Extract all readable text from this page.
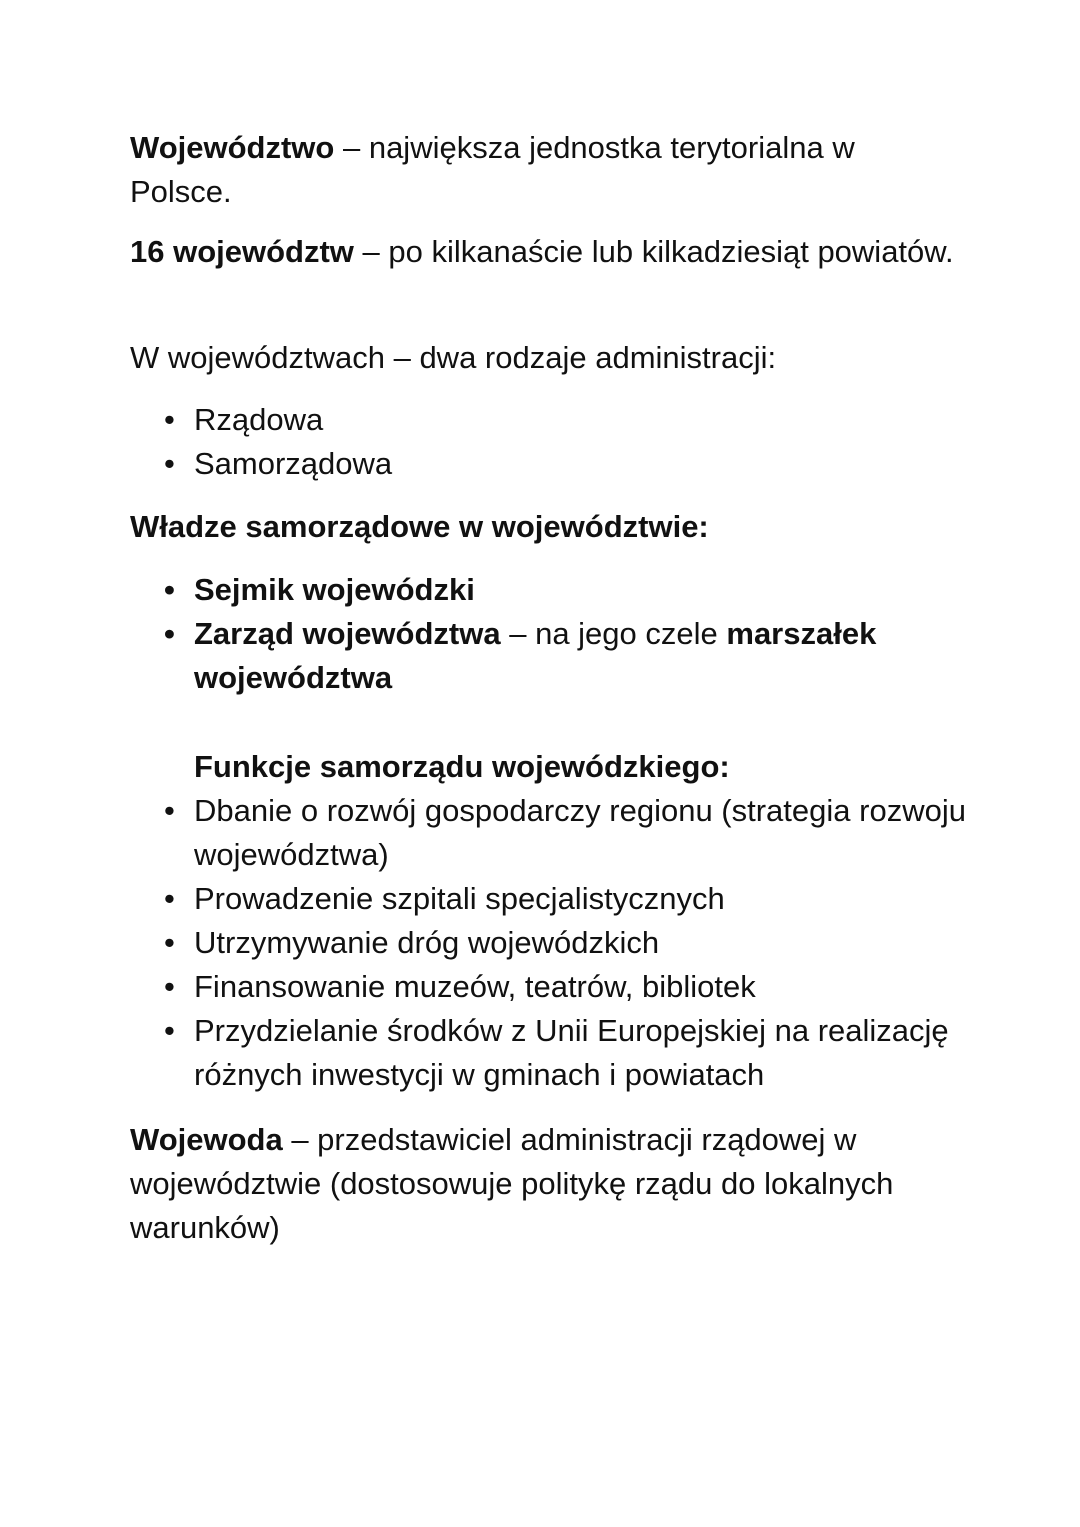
Województwo – największa jednostka terytorialna w Polsce.
16 województw – po kilkanaście lub kilkadziesiąt powiatów.
W województwach – dwa rodzaje administracji:
• Rządowa
• Samorządowa
Władze samorządowe w województwie:
• Sejmik wojewódzki
• Zarząd województwa – na jego czele marszałek województwa
Funkcje samorządu wojewódzkiego:
• Dbanie o rozwój gospodarczy regionu (strategia rozwoju województwa)
• Prowadzenie szpitali specjalistycznych
• Utrzymywanie dróg wojewódzkich
• Finansowanie muzeów, teatrów, bibliotek
• Przydzielanie środków z Unii Europejskiej na realizację różnych inwestycji w gminach i powiatach
Wojewoda – przedstawiciel administracji rządowej w województwie (dostosowuje politykę rządu do lokalnych warunków)
